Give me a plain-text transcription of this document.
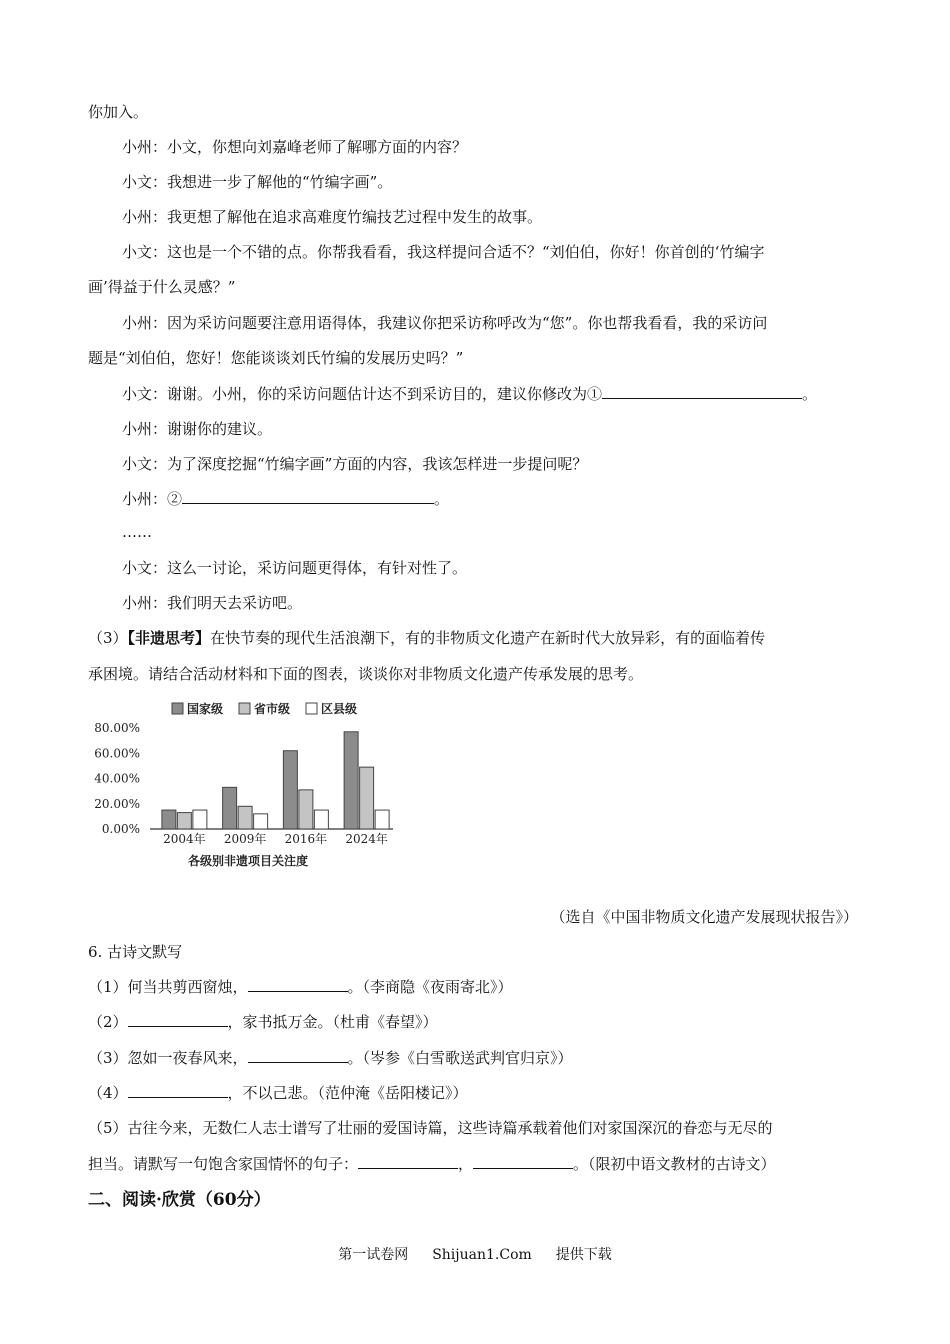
你加入。
小州：小文，你想向刘嘉峰老师了解哪方面的内容？
小文：我想进一步了解他的“竹编字画”。
小州：我更想了解他在追求高难度竹编技艺过程中发生的故事。
小文：这也是一个不错的点。你帮我看看，我这样提问合适不？“刘伯伯，你好！你首创的‘竹编字
画’得益于什么灵感？”
小州：因为采访问题要注意用语得体，我建议你把采访称呼改为“您”。你也帮我看看，我的采访问
题是“刘伯伯，您好！您能谈谈刘氏竹编的发展历史吗？”
小文：谢谢。小州，你的采访问题估计达不到采访目的，建议你修改为①	。
小州：谢谢你的建议。
小文：为了深度挖掘“竹编字画”方面的内容，我该怎样进一步提问呢？
小州：②	。
……
小文：这么一讨论，采访问题更得体，有针对性了。
小州：我们明天去采访吧。
（3）【非遗思考】在快节奏的现代生活浪潮下，有的非物质文化遗产在新时代大放异彩，有的面临着传
承困境。请结合活动材料和下面的图表，谈谈你对非物质文化遗产传承发展的思考。
国家级	省市级	区县级
0.00%
20.00%
40.00%
60.00%
80.00%
2004年 2009年 2016年 2024年
各级别非遗项目关注度
（选自《中国非物质文化遗产发展现状报告》）
6. 古诗文默写
（1）何当共剪西窗烛，	。（李商隐《夜雨寄北》）
（2）	，家书抵万金。（杜甫《春望》）
（3）忽如一夜春风来，	。（岑参《白雪歌送武判官归京》）
（4）	，不以己悲。（范仲淹《岳阳楼记》）
（5）古往今来，无数仁人志士谱写了壮丽的爱国诗篇，这些诗篇承载着他们对家国深沉的眷恋与无尽的
担当。请默写一句饱含家国情怀的句子：	，	。（限初中语文教材的古诗文）
二、阅读·欣赏（60分）
第一试卷网 Shijuan1.Com 提供下载
